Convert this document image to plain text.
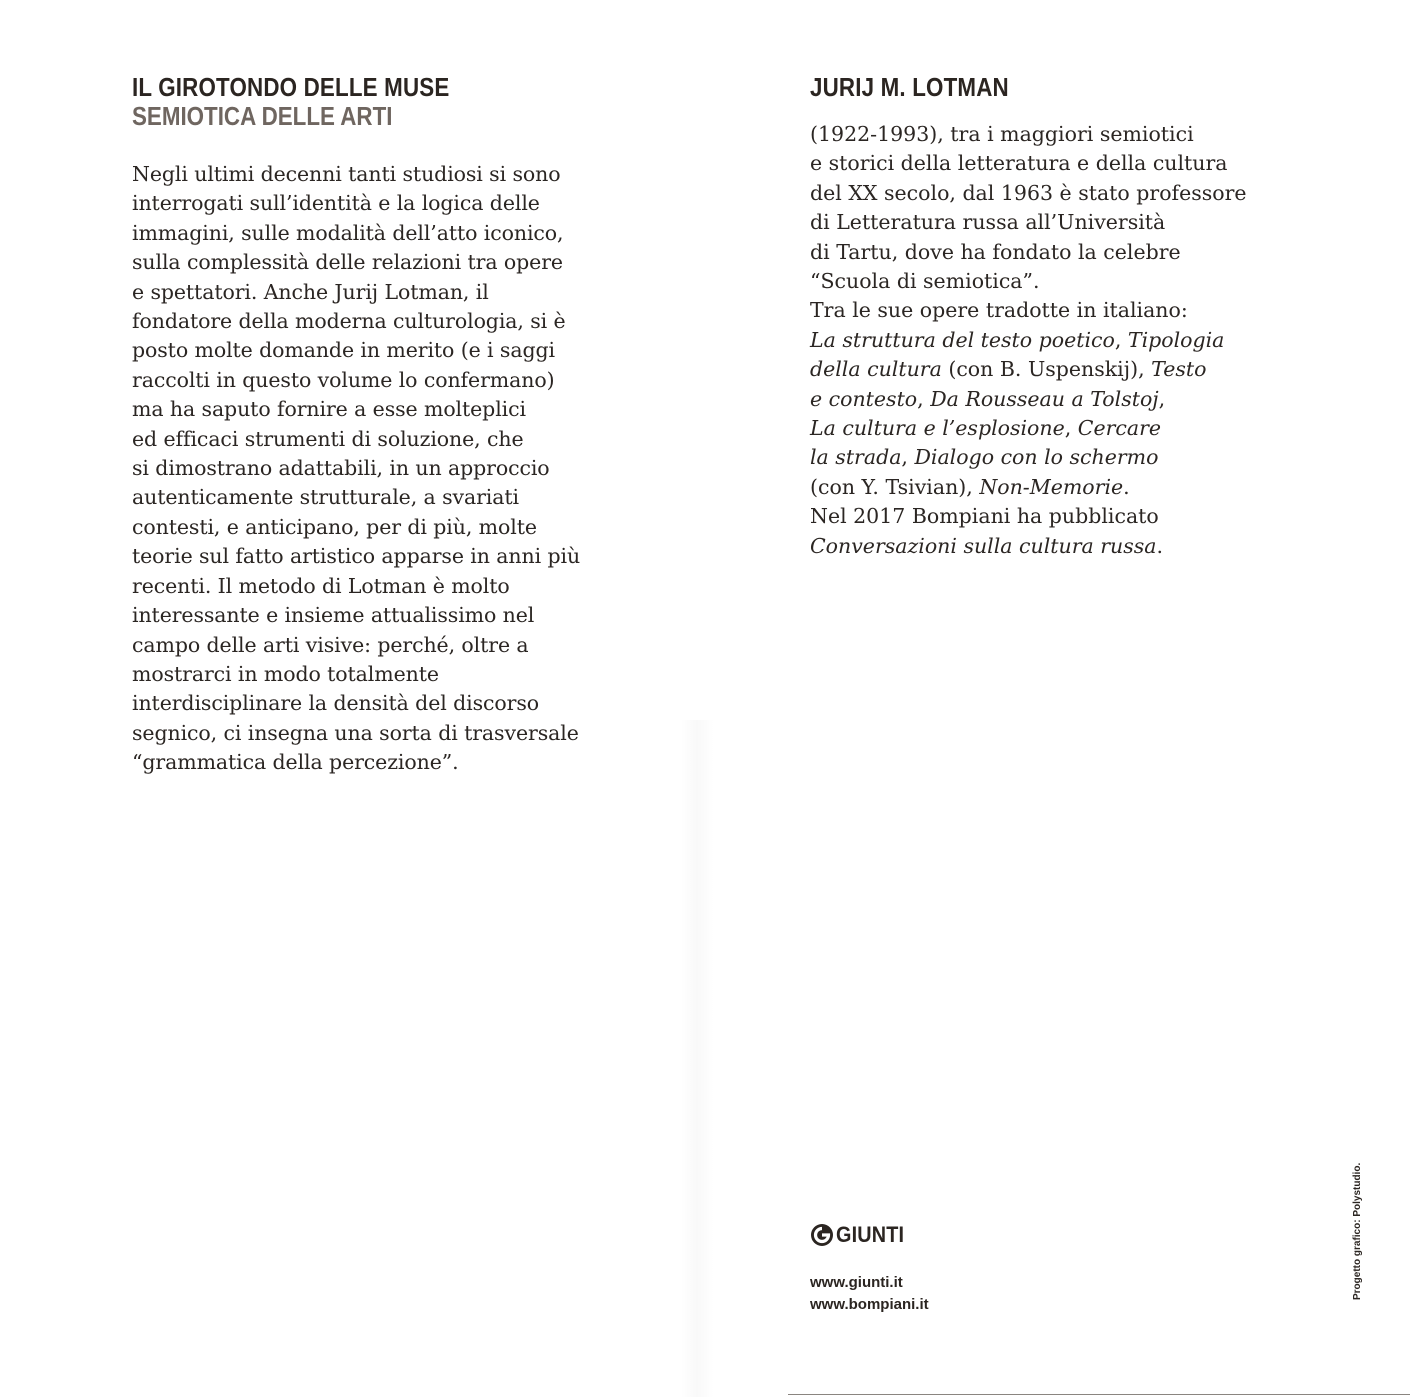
IL GIROTONDO DELLE MUSE
SEMIOTICA DELLE ARTI
Negli ultimi decenni tanti studiosi si sono
interrogati sull’identità e la logica delle
immagini, sulle modalità dell’atto iconico,
sulla complessità delle relazioni tra opere
e spettatori. Anche Jurij Lotman, il
fondatore della moderna culturologia, si è
posto molte domande in merito (e i saggi
raccolti in questo volume lo confermano)
ma ha saputo fornire a esse molteplici
ed efficaci strumenti di soluzione, che
si dimostrano adattabili, in un approccio
autenticamente strutturale, a svariati
contesti, e anticipano, per di più, molte
teorie sul fatto artistico apparse in anni più
recenti. Il metodo di Lotman è molto
interessante e insieme attualissimo nel
campo delle arti visive: perché, oltre a
mostrarci in modo totalmente
interdisciplinare la densità del discorso
segnico, ci insegna una sorta di trasversale
“grammatica della percezione”.
JURIJ M. LOTMAN
(1922-1993), tra i maggiori semiotici
e storici della letteratura e della cultura
del XX secolo, dal 1963 è stato professore
di Letteratura russa all’Università
di Tartu, dove ha fondato la celebre
“Scuola di semiotica”.
Tra le sue opere tradotte in italiano:
La struttura del testo poetico, Tipologia
della cultura (con B. Uspenskij), Testo
e contesto, Da Rousseau a Tolstoj,
La cultura e l’esplosione, Cercare
la strada, Dialogo con lo schermo
(con Y. Tsivian), Non-Memorie.
Nel 2017 Bompiani ha pubblicato
Conversazioni sulla cultura russa.
GIUNTI
www.giunti.it
www.bompiani.it
Progetto grafico: Polystudio.
